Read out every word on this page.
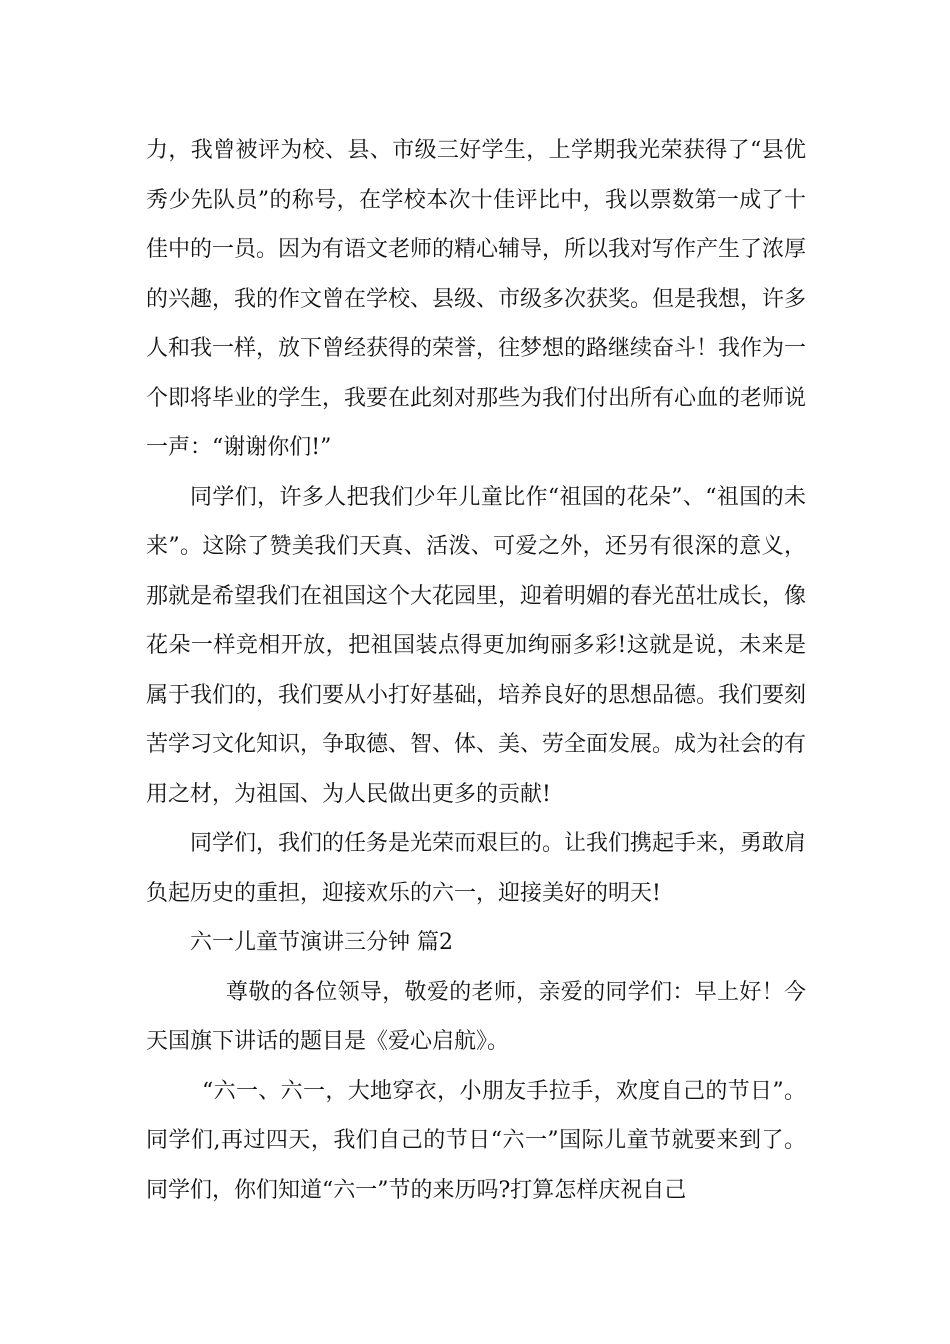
力，我曾被评为校、县、市级三好学生，上学期我光荣获得了“县优秀少先队员”的称号，在学校本次十佳评比中，我以票数第一成了十佳中的一员。因为有语文老师的精心辅导，所以我对写作产生了浓厚的兴趣，我的作文曾在学校、县级、市级多次获奖。但是我想，许多人和我一样，放下曾经获得的荣誉，往梦想的路继续奋斗！我作为一个即将毕业的学生，我要在此刻对那些为我们付出所有心血的老师说一声：“谢谢你们!”

同学们，许多人把我们少年儿童比作“祖国的花朵”、“祖国的未来”。这除了赞美我们天真、活泼、可爱之外，还另有很深的意义，那就是希望我们在祖国这个大花园里，迎着明媚的春光茁壮成长，像花朵一样竞相开放，把祖国装点得更加绚丽多彩!这就是说，未来是属于我们的，我们要从小打好基础，培养良好的思想品德。我们要刻苦学习文化知识，争取德、智、体、美、劳全面发展。成为社会的有用之材，为祖国、为人民做出更多的贡献!

同学们，我们的任务是光荣而艰巨的。让我们携起手来，勇敢肩负起历史的重担，迎接欢乐的六一，迎接美好的明天!

六一儿童节演讲三分钟 篇2

尊敬的各位领导，敬爱的老师，亲爱的同学们：早上好！今天国旗下讲话的题目是《爱心启航》。

“六一、六一，大地穿衣，小朋友手拉手，欢度自己的节日”。同学们,再过四天，我们自己的节日“六一”国际儿童节就要来到了。同学们，你们知道“六一”节的来历吗?打算怎样庆祝自己
